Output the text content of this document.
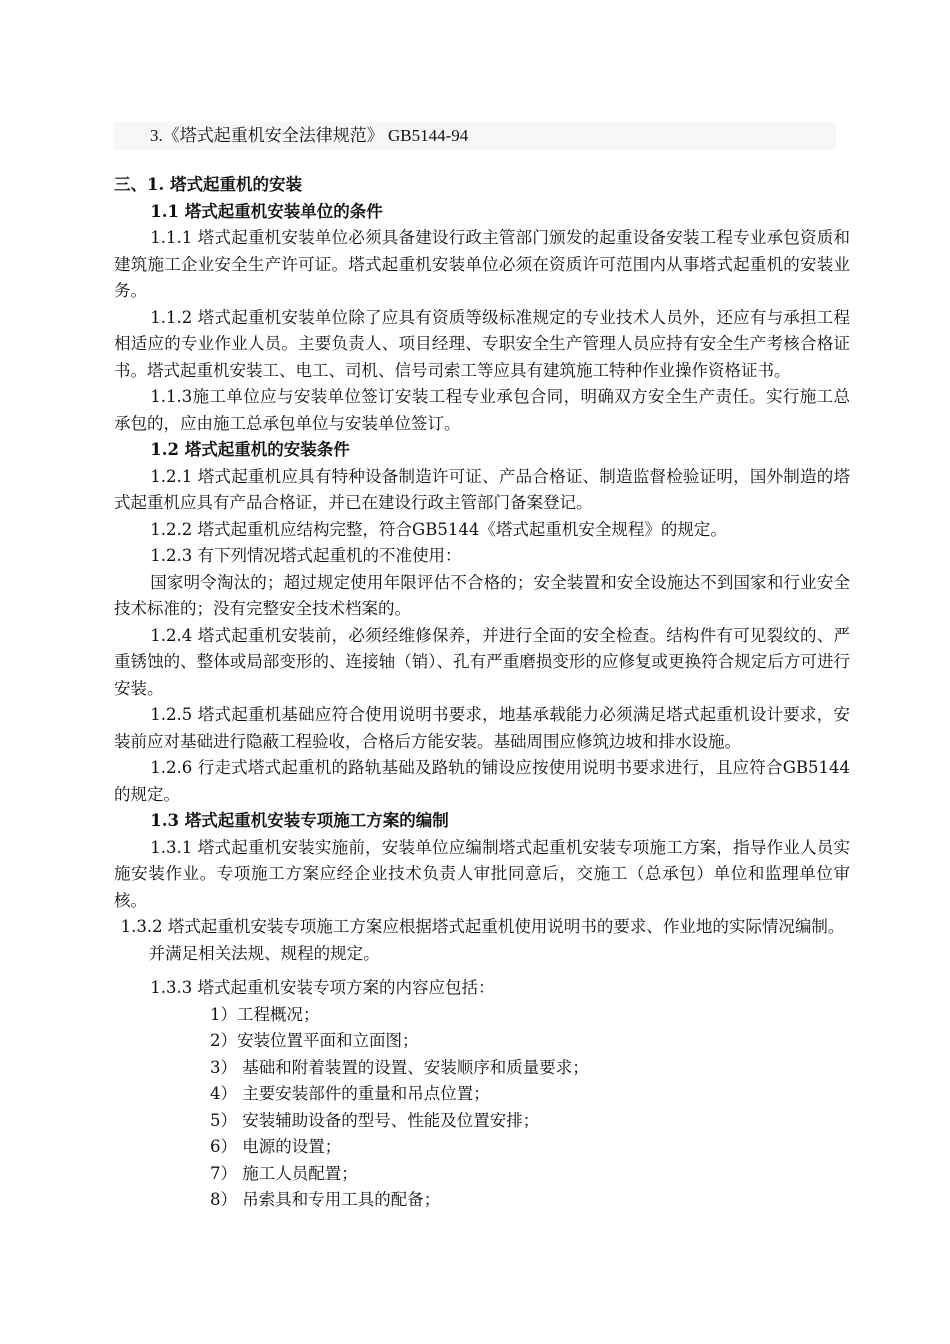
3.《塔式起重机安全法律规范》 GB5144-94

三、1. 塔式起重机的安装

1.1 塔式起重机安装单位的条件

1.1.1 塔式起重机安装单位必须具备建设行政主管部门颁发的起重设备安装工程专业承包资质和建筑施工企业安全生产许可证。塔式起重机安装单位必须在资质许可范围内从事塔式起重机的安装业务。

1.1.2 塔式起重机安装单位除了应具有资质等级标准规定的专业技术人员外，还应有与承担工程相适应的专业作业人员。主要负责人、项目经理、专职安全生产管理人员应持有安全生产考核合格证书。塔式起重机安装工、电工、司机、信号司索工等应具有建筑施工特种作业操作资格证书。

1.1.3施工单位应与安装单位签订安装工程专业承包合同，明确双方安全生产责任。实行施工总承包的，应由施工总承包单位与安装单位签订。

1.2 塔式起重机的安装条件

1.2.1 塔式起重机应具有特种设备制造许可证、产品合格证、制造监督检验证明，国外制造的塔式起重机应具有产品合格证，并已在建设行政主管部门备案登记。

1.2.2 塔式起重机应结构完整，符合GB5144《塔式起重机安全规程》的规定。

1.2.3 有下列情况塔式起重机的不准使用：

国家明令淘汰的；超过规定使用年限评估不合格的；安全装置和安全设施达不到国家和行业安全技术标准的；没有完整安全技术档案的。

1.2.4 塔式起重机安装前，必须经维修保养，并进行全面的安全检查。结构件有可见裂纹的、严重锈蚀的、整体或局部变形的、连接轴（销）、孔有严重磨损变形的应修复或更换符合规定后方可进行安装。

1.2.5 塔式起重机基础应符合使用说明书要求，地基承载能力必须满足塔式起重机设计要求，安装前应对基础进行隐蔽工程验收，合格后方能安装。基础周围应修筑边坡和排水设施。

1.2.6 行走式塔式起重机的路轨基础及路轨的铺设应按使用说明书要求进行，且应符合GB5144的规定。

1.3 塔式起重机安装专项施工方案的编制

1.3.1 塔式起重机安装实施前，安装单位应编制塔式起重机安装专项施工方案，指导作业人员实施安装作业。专项施工方案应经企业技术负责人审批同意后，交施工（总承包）单位和监理单位审核。

1.3.2 塔式起重机安装专项施工方案应根据塔式起重机使用说明书的要求、作业地的实际情况编制。并满足相关法规、规程的规定。

1.3.3 塔式起重机安装专项方案的内容应包括：

1）工程概况；

2）安装位置平面和立面图；

3） 基础和附着装置的设置、安装顺序和质量要求；

4） 主要安装部件的重量和吊点位置；

5） 安装辅助设备的型号、性能及位置安排；

6） 电源的设置；

7） 施工人员配置；

8） 吊索具和专用工具的配备；
